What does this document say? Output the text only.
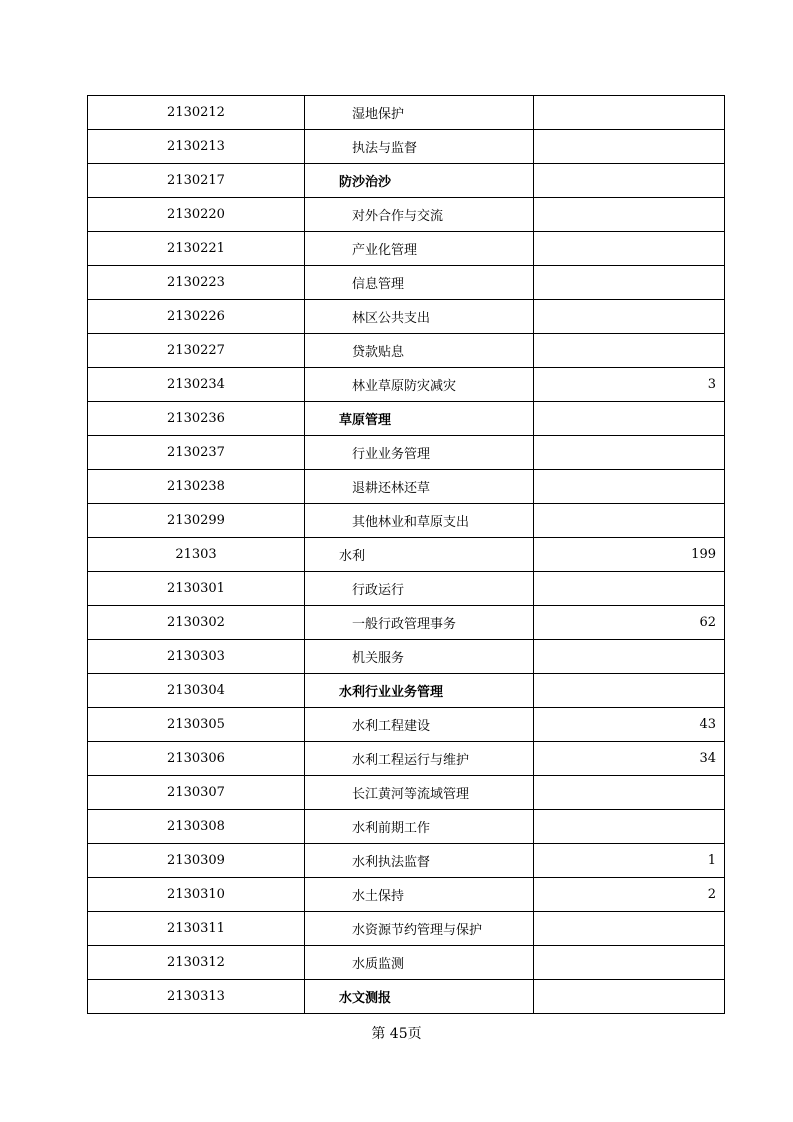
2130212	湿地保护	
2130213	执法与监督	
2130217	防沙治沙	
2130220	对外合作与交流	
2130221	产业化管理	
2130223	信息管理	
2130226	林区公共支出	
2130227	贷款贴息	
2130234	林业草原防灾减灾	3
2130236	草原管理	
2130237	行业业务管理	
2130238	退耕还林还草	
2130299	其他林业和草原支出	
21303	水利	199
2130301	行政运行	
2130302	一般行政管理事务	62
2130303	机关服务	
2130304	水利行业业务管理	
2130305	水利工程建设	43
2130306	水利工程运行与维护	34
2130307	长江黄河等流域管理	
2130308	水利前期工作	
2130309	水利执法监督	1
2130310	水土保持	2
2130311	水资源节约管理与保护	
2130312	水质监测	
2130313	水文测报	
第 45页
